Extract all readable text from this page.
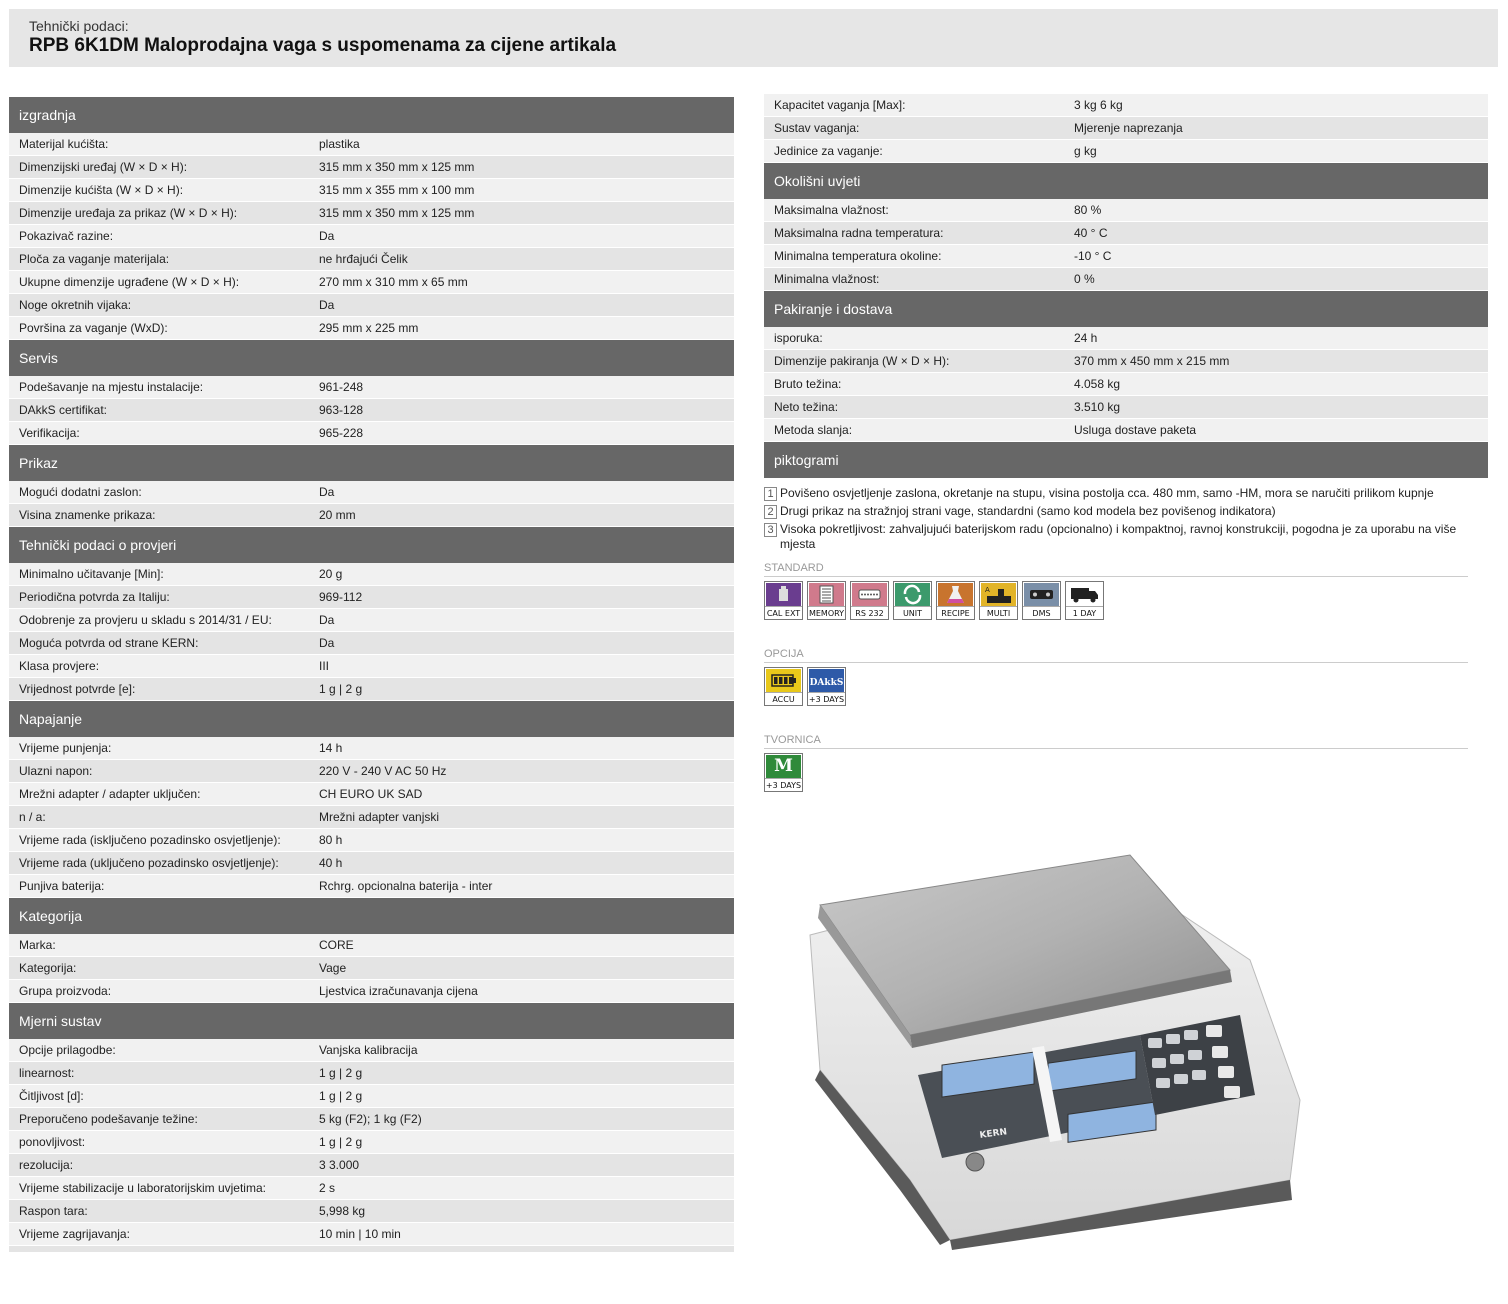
Tehnički podaci:
RPB 6K1DM Maloprodajna vaga s uspomenama za cijene artikala
izgradnja
Materijal kućišta:	plastika
Dimenzijski uređaj (W × D × H):	315 mm x 350 mm x 125 mm
Dimenzije kućišta (W × D × H):	315 mm x 355 mm x 100 mm
Dimenzije uređaja za prikaz (W × D × H):	315 mm x 350 mm x 125 mm
Pokazivač razine:	Da
Ploča za vaganje materijala:	ne hrđajući Čelik
Ukupne dimenzije ugrađene (W × D × H):	270 mm x 310 mm x 65 mm
Noge okretnih vijaka:	Da
Površina za vaganje (WxD):	295 mm x 225 mm
Servis
Podešavanje na mjestu instalacije:	961-248
DAkkS certifikat:	963-128
Verifikacija:	965-228
Prikaz
Mogući dodatni zaslon:	Da
Visina znamenke prikaza:	20 mm
Tehnički podaci o provjeri
Minimalno učitavanje [Min]:	20 g
Periodična potvrda za Italiju:	969-112
Odobrenje za provjeru u skladu s 2014/31 / EU:	Da
Moguća potvrda od strane KERN:	Da
Klasa provjere:	III
Vrijednost potvrde [e]:	1 g | 2 g
Napajanje
Vrijeme punjenja:	14 h
Ulazni napon:	220 V - 240 V AC 50 Hz
Mrežni adapter / adapter uključen:	CH EURO UK SAD
n / a:	Mrežni adapter vanjski
Vrijeme rada (isključeno pozadinsko osvjetljenje):	80 h
Vrijeme rada (uključeno pozadinsko osvjetljenje):	40 h
Punjiva baterija:	Rchrg. opcionalna baterija - inter
Kategorija
Marka:	CORE
Kategorija:	Vage
Grupa proizvoda:	Ljestvica izračunavanja cijena
Mjerni sustav
Opcije prilagodbe:	Vanjska kalibracija
linearnost:	1 g | 2 g
Čitljivost [d]:	1 g | 2 g
Preporučeno podešavanje težine:	5 kg (F2); 1 kg (F2)
ponovljivost:	1 g | 2 g
rezolucija:	3 3.000
Vrijeme stabilizacije u laboratorijskim uvjetima:	2 s
Raspon tara:	5,998 kg
Vrijeme zagrijavanja:	10 min | 10 min
Kapacitet vaganja [Max]:	3 kg 6 kg
Sustav vaganja:	Mjerenje naprezanja
Jedinice za vaganje:	g kg
Okolišni uvjeti
Maksimalna vlažnost:	80 %
Maksimalna radna temperatura:	40 ° C
Minimalna temperatura okoline:	-10 ° C
Minimalna vlažnost:	0 %
Pakiranje i dostava
isporuka:	24 h
Dimenzije pakiranja (W × D × H):	370 mm x 450 mm x 215 mm
Bruto težina:	4.058 kg
Neto težina:	3.510 kg
Metoda slanja:	Usluga dostave paketa
piktogrami
1 Povišeno osvjetljenje zaslona, okretanje na stupu, visina postolja cca. 480 mm, samo -HM, mora se naručiti prilikom kupnje
2 Drugi prikaz na stražnjoj strani vage, standardni (samo kod modela bez povišenog indikatora)
3 Visoka pokretljivost: zahvaljujući baterijskom radu (opcionalno) i kompaktnoj, ravnoj konstrukciji, pogodna je za uporabu na više mjesta
STANDARD
CAL EXT MEMORY	RS 232	UNIT	RECIPE
A
MULTI	DMS	1 DAY
OPCIJA
ACCU
DAkkS
+3 DAYS
TVORNICA
M
+3 DAYS
KERN
